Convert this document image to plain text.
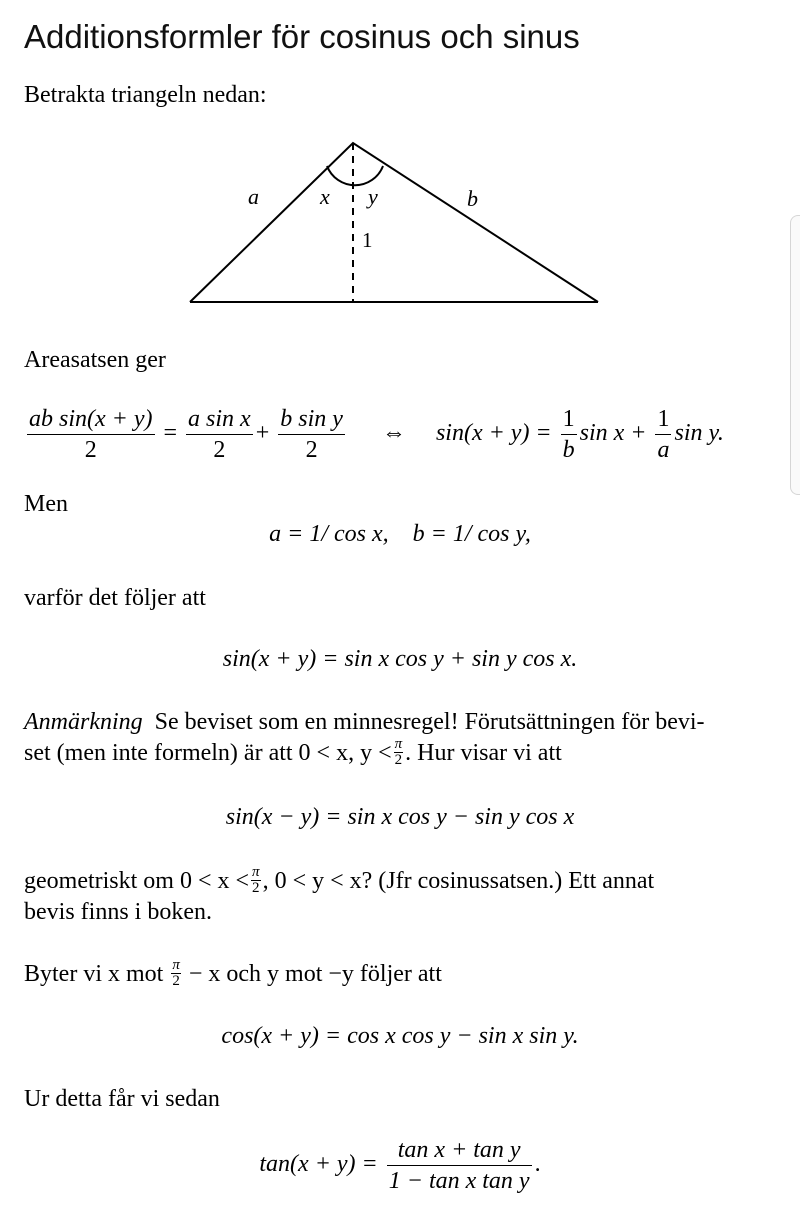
Additionsformler för cosinus och sinus
Betrakta triangeln nedan:
a	x y	b
1
Areasatsen ger
$\frac{\text{ab sin(x + y)}}{2} = \frac{\text{a sin x}}{2} + \frac{\text{b sin y}}{2}$ ⇔ $\sin(x + y) = \frac{1}{b}$ $\sin x + \frac{1}{a}$ sin y.
Men
a = 1/ cos x,    b = 1/ cos y,
varför det följer att
sin(x + y) = sin x cos y + sin y cos x.
Anmärkning Se beviset som en minnesregel! Förutsättningen för bevi-
set (men inte formeln) är att 0 < x, $y < \frac{\pi}{2}$ . Hur visar vi att
sin(x − y) = sin x cos y − sin y cos x
geometriskt om $0 < x < \frac{\pi}{2}$ , 0 < y < x? (Jfr cosinussatsen.) Ett annat
bevis finns i boken.
Byter vi x mot $\frac{\pi}{2} - x$ och y mot −y följer att
cos(x + y) = cos x cos y − sin x sin y.
Ur detta får vi sedan
$\tan(x + y) = \frac{\text{tan x + tan y}}{\text{1 − tan x tan y}}$ .
